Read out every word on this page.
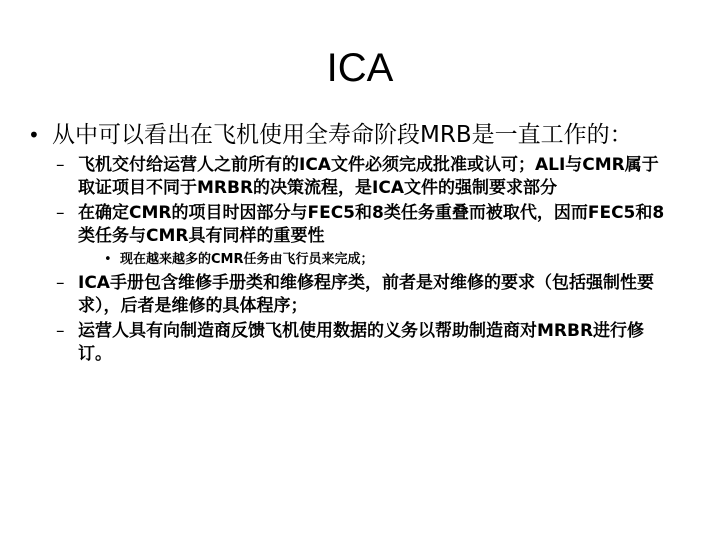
ICA
• 从中可以看出在飞机使用全寿命阶段MRB是一直工作的：
– 飞机交付给运营人之前所有的ICA文件必须完成批准或认可；ALI与CMR属于取证项目不同于MRBR的决策流程，是ICA文件的强制要求部分
– 在确定CMR的项目时因部分与FEC5和8类任务重叠而被取代，因而FEC5和8类任务与CMR具有同样的重要性
• 现在越来越多的CMR任务由飞行员来完成；
– ICA手册包含维修手册类和维修程序类，前者是对维修的要求（包括强制性要求），后者是维修的具体程序；
– 运营人具有向制造商反馈飞机使用数据的义务以帮助制造商对MRBR进行修订。
